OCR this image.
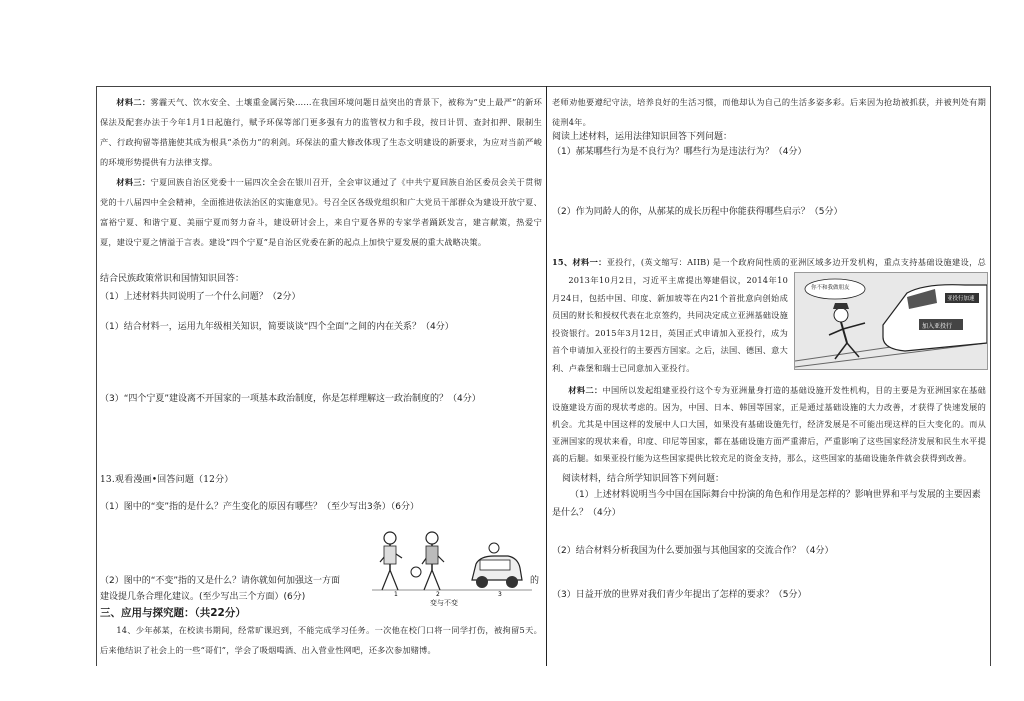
材料二：雾霾天气、饮水安全、土壤重金属污染……在我国环境问题日益突出的背景下，被称为“史上最严”的新环保法及配套办法于今年1月1日起施行，赋予环保等部门更多强有力的监管权力和手段，按日计罚、查封扣押、限制生产、行政拘留等措施使其成为根具“杀伤力”的利剑。环保法的重大修改体现了生态文明建设的新要求，为应对当前严峻的环境形势提供有力法律支撑。

材料三：宁夏回族自治区党委十一届四次全会在银川召开，全会审议通过了《中共宁夏回族自治区委员会关于贯彻党的十八届四中全会精神，全面推进依法治区的实施意见》。号召全区各级党组织和广大党员干部群众为建设开放宁夏、富裕宁夏、和谐宁夏、美丽宁夏而努力奋斗，建设研讨会上，来自宁夏各界的专家学者踊跃发言，建言献策，热爱宁夏，建设宁夏之情溢于言表。建设“四个宁夏”是自治区党委在新的起点上加快宁夏发展的重大战略决策。

结合民族政策常识和国情知识回答：

（1）上述材料共同说明了一个什么问题？（2分）

（1）结合材料一，运用九年级相关知识，简要谈谈“四个全面”之间的内在关系？（4分）

（3）“四个宁夏”建设离不开国家的一项基本政治制度，你是怎样理解这一政治制度的？（4分）

13.观看漫画•回答问题（12分）

（1）图中的“变”指的是什么？产生变化的原因有哪些？（至少写出3条）（6分）

1	2	3
变与不变

（2）图中的“不变”指的又是什么？请你就如何加强这一方面	的

建设提几条合理化建议。(至少写出三个方面）(6分)

三、应用与探究题：（共22分）

14、少年郝某，在校读书期间，经常旷课迟到，不能完成学习任务。一次他在校门口将一同学打伤，被拘留5天。后来他结识了社会上的一些“哥们”，学会了吸烟喝酒、出入营业性网吧，还多次参加赌博。

老师劝他要遵纪守法，培养良好的生活习惯，而他却认为自己的生活多姿多彩。后来因为抢劫被抓获，并被判处有期徒刑4年。

阅读上述材料，运用法律知识回答下列问题：

（1）郝某哪些行为是不良行为？哪些行为是违法行为？（4分）

（2）作为同龄人的你，从郝某的成长历程中你能获得哪些启示？（5分）

15、材料一：亚投行，(英文缩写：AIIB) 是一个政府间性质的亚洲区域多边开发机构，重点支持基础设施建设，总

2013年10月2日，习近平主席提出筹建倡议，2014年10月24日，包括中国、印度、新加坡等在内21个首批意向创始成员国的财长和授权代表在北京签约，共同决定成立亚洲基础设施投资银行。2015年3月12日，英国正式申请加入亚投行，成为首个申请加入亚投行的主要西方国家。之后，法国、德国、意大利、卢森堡和瑞士已同意加入亚投行。

你不和我做朋友
亚投行加速
加入亚投行

材料二：中国所以发起组建亚投行这个专为亚洲量身打造的基础设施开发性机构，目的主要是为亚洲国家在基础设施建设方面的现状考虑的。因为，中国、日本、韩国等国家，正是通过基础设施的大力改善，才获得了快速发展的机会。尤其是中国这样的发展中人口大国，如果没有基础设施先行，经济发展是不可能出现这样的巨大变化的。而从亚洲国家的现状来看，印度、印尼等国家，都在基础设施方面严重滞后，严重影响了这些国家经济发展和民生水平提高的后腿。如果亚投行能为这些国家提供比较充足的资金支持，那么，这些国家的基础设施条件就会获得到改善。

阅读材料，结合所学知识回答下列问题：

（1）上述材料说明当今中国在国际舞台中扮演的角色和作用是怎样的？影响世界和平与发展的主要因素是什么？（4分）

（2）结合材料分析我国为什么要加强与其他国家的交流合作？（4分）

（3）日益开放的世界对我们青少年提出了怎样的要求？（5分）
